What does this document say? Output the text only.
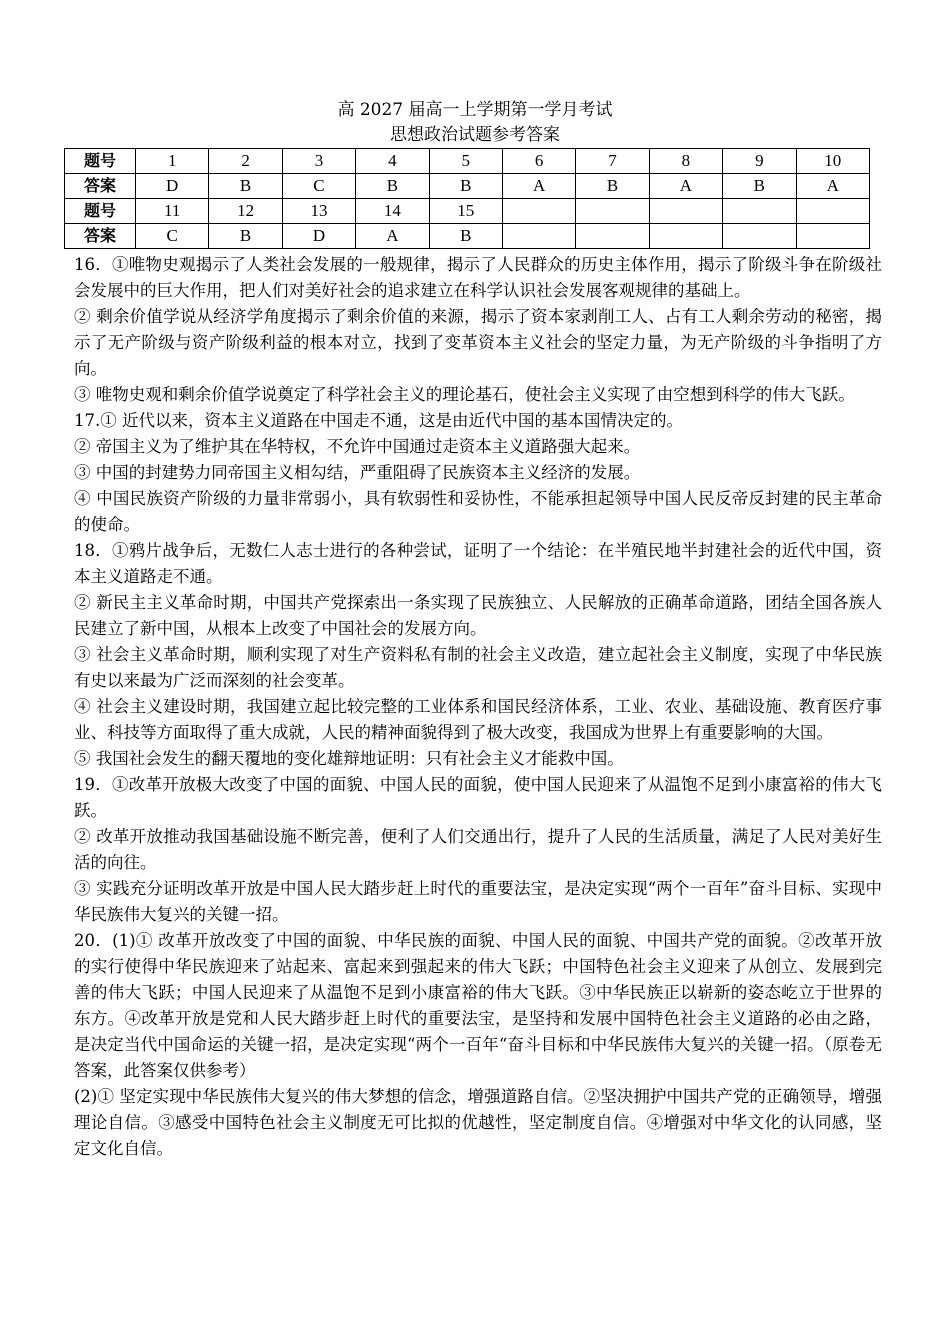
高 2027 届高一上学期第一学月考试
思想政治试题参考答案
题号	1	2	3	4	5	6	7	8	9	10
答案	D	B	C	B	B	A	B	A	B	A
题号	11	12	13	14	15					
答案	C	B	D	A	B					

16．①唯物史观揭示了人类社会发展的一般规律，揭示了人民群众的历史主体作用，揭示了阶级斗争在阶级社会发展中的巨大作用，把人们对美好社会的追求建立在科学认识社会发展客观规律的基础上。

② 剩余价值学说从经济学角度揭示了剩余价值的来源，揭示了资本家剥削工人、占有工人剩余劳动的秘密，揭示了无产阶级与资产阶级利益的根本对立，找到了变革资本主义社会的坚定力量，为无产阶级的斗争指明了方向。

③ 唯物史观和剩余价值学说奠定了科学社会主义的理论基石，使社会主义实现了由空想到科学的伟大飞跃。

17.① 近代以来，资本主义道路在中国走不通，这是由近代中国的基本国情决定的。

② 帝国主义为了维护其在华特权，不允许中国通过走资本主义道路强大起来。

③ 中国的封建势力同帝国主义相勾结，严重阻碍了民族资本主义经济的发展。

④ 中国民族资产阶级的力量非常弱小，具有软弱性和妥协性，不能承担起领导中国人民反帝反封建的民主革命的使命。

18．①鸦片战争后，无数仁人志士进行的各种尝试，证明了一个结论：在半殖民地半封建社会的近代中国，资本主义道路走不通。

② 新民主主义革命时期，中国共产党探索出一条实现了民族独立、人民解放的正确革命道路，团结全国各族人民建立了新中国，从根本上改变了中国社会的发展方向。

③ 社会主义革命时期，顺利实现了对生产资料私有制的社会主义改造，建立起社会主义制度，实现了中华民族有史以来最为广泛而深刻的社会变革。

④ 社会主义建设时期，我国建立起比较完整的工业体系和国民经济体系，工业、农业、基础设施、教育医疗事业、科技等方面取得了重大成就，人民的精神面貌得到了极大改变，我国成为世界上有重要影响的大国。

⑤ 我国社会发生的翻天覆地的变化雄辩地证明：只有社会主义才能救中国。

19．①改革开放极大改变了中国的面貌、中国人民的面貌，使中国人民迎来了从温饱不足到小康富裕的伟大飞跃。

② 改革开放推动我国基础设施不断完善，便利了人们交通出行，提升了人民的生活质量，满足了人民对美好生活的向往。

③ 实践充分证明改革开放是中国人民大踏步赶上时代的重要法宝，是决定实现“两个一百年”奋斗目标、实现中华民族伟大复兴的关键一招。

20．(1)① 改革开放改变了中国的面貌、中华民族的面貌、中国人民的面貌、中国共产党的面貌。②改革开放的实行使得中华民族迎来了站起来、富起来到强起来的伟大飞跃；中国特色社会主义迎来了从创立、发展到完善的伟大飞跃；中国人民迎来了从温饱不足到小康富裕的伟大飞跃。③中华民族正以崭新的姿态屹立于世界的东方。④改革开放是党和人民大踏步赶上时代的重要法宝，是坚持和发展中国特色社会主义道路的必由之路，是决定当代中国命运的关键一招，是决定实现“两个一百年“奋斗目标和中华民族伟大复兴的关键一招。（原卷无答案，此答案仅供参考）

(2)① 坚定实现中华民族伟大复兴的伟大梦想的信念，增强道路自信。②坚决拥护中国共产党的正确领导，增强理论自信。③感受中国特色社会主义制度无可比拟的优越性，坚定制度自信。④增强对中华文化的认同感，坚定文化自信。
